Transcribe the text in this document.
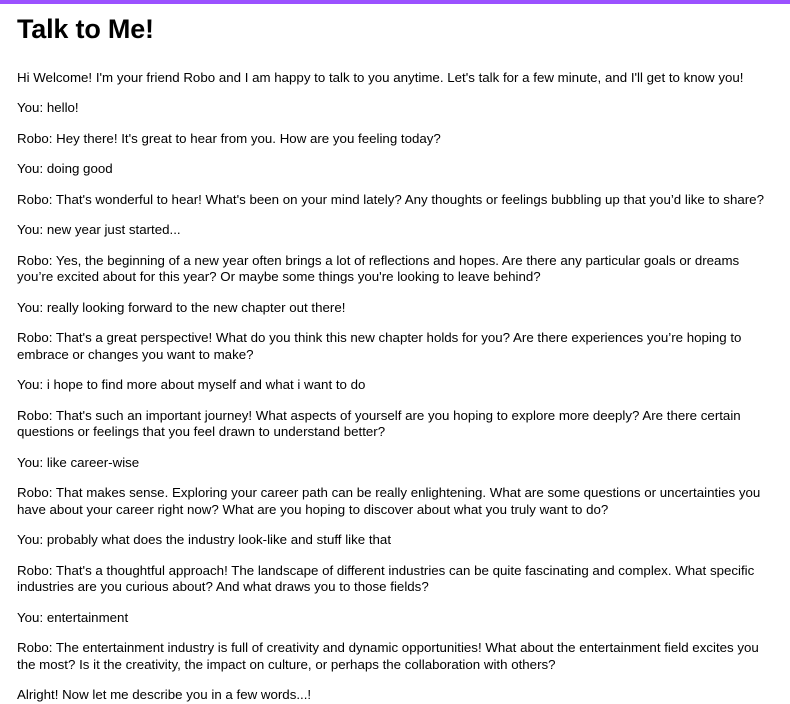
Talk to Me!

Hi Welcome! I'm your friend Robo and I am happy to talk to you anytime. Let's talk for a few minute, and I'll get to know you!

You: hello!

Robo: Hey there! It's great to hear from you. How are you feeling today?

You: doing good

Robo: That's wonderful to hear! What's been on your mind lately? Any thoughts or feelings bubbling up that you’d like to share?

You: new year just started...

Robo: Yes, the beginning of a new year often brings a lot of reflections and hopes. Are there any particular goals or dreams you’re excited about for this year? Or maybe some things you're looking to leave behind?

You: really looking forward to the new chapter out there!

Robo: That's a great perspective! What do you think this new chapter holds for you? Are there experiences you’re hoping to embrace or changes you want to make?

You: i hope to find more about myself and what i want to do

Robo: That's such an important journey! What aspects of yourself are you hoping to explore more deeply? Are there certain questions or feelings that you feel drawn to understand better?

You: like career-wise

Robo: That makes sense. Exploring your career path can be really enlightening. What are some questions or uncertainties you have about your career right now? What are you hoping to discover about what you truly want to do?

You: probably what does the industry look-like and stuff like that

Robo: That's a thoughtful approach! The landscape of different industries can be quite fascinating and complex. What specific industries are you curious about? And what draws you to those fields?

You: entertainment

Robo: The entertainment industry is full of creativity and dynamic opportunities! What about the entertainment field excites you the most? Is it the creativity, the impact on culture, or perhaps the collaboration with others?

Alright! Now let me describe you in a few words...!
